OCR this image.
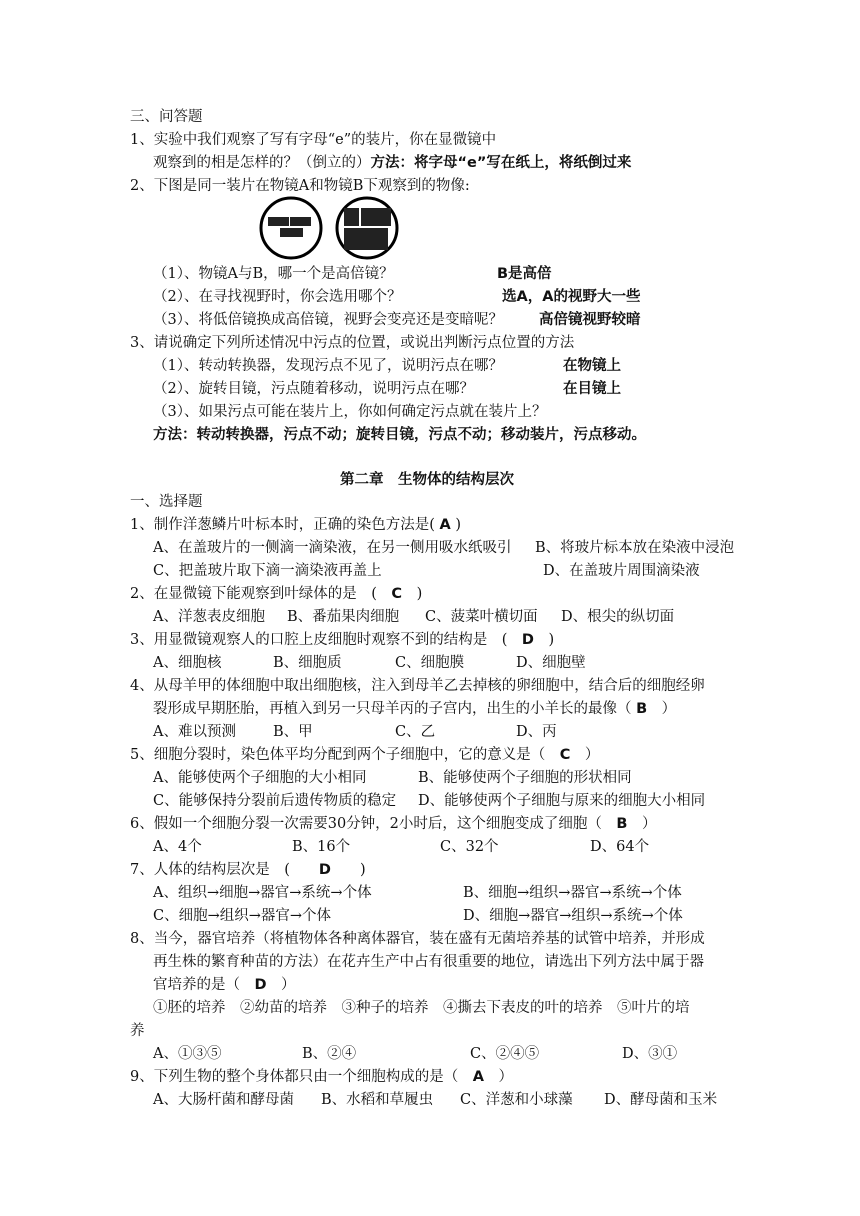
三、问答题
1、实验中我们观察了写有字母“e”的装片，你在显微镜中
观察到的相是怎样的？（倒立的）方法：将字母“e”写在纸上，将纸倒过来
2、下图是同一装片在物镜A和物镜B下观察到的物像:
（1）、物镜A与B，哪一个是高倍镜？	B是高倍
（2）、在寻找视野时，你会选用哪个？	选A，A的视野大一些
（3）、将低倍镜换成高倍镜，视野会变亮还是变暗呢？ 高倍镜视野较暗
3、请说确定下列所述情况中污点的位置，或说出判断污点位置的方法
（1）、转动转换器，发现污点不见了，说明污点在哪？	在物镜上
（2）、旋转目镜，污点随着移动，说明污点在哪？	在目镜上
（3）、如果污点可能在装片上，你如何确定污点就在装片上？
方法：转动转换器，污点不动；旋转目镜，污点不动；移动装片，污点移动。
第二章　生物体的结构层次
一、选择题
1、制作洋葱鳞片叶标本时，正确的染色方法是( A )
A、在盖玻片的一侧滴一滴染液，在另一侧用吸水纸吸引 B、将玻片标本放在染液中浸泡
C、把盖玻片取下滴一滴染液再盖上	D、在盖玻片周围滴染液
2、在显微镜下能观察到叶绿体的是　 (　 C　 )
A、洋葱表皮细胞 B、番茄果肉细胞 C、菠菜叶横切面 D、根尖的纵切面
3、用显微镜观察人的口腔上皮细胞时观察不到的结构是　 (　 D　 )
A、细胞核	B、细胞质	C、细胞膜	D、细胞壁
4、从母羊甲的体细胞中取出细胞核，注入到母羊乙去掉核的卵细胞中，结合后的细胞经卵
裂形成早期胚胎，再植入到另一只母羊丙的子宫内，出生的小羊长的最像（ B　 ）
A、难以预测	B、甲	C、乙	D、丙
5、细胞分裂时，染色体平均分配到两个子细胞中，它的意义是（　 C　 ）
A、能够使两个子细胞的大小相同	B、能够使两个子细胞的形状相同
C、能够保持分裂前后遗传物质的稳定 D、能够使两个子细胞与原来的细胞大小相同
6、假如一个细胞分裂一次需要30分钟，2小时后，这个细胞变成了细胞（　 B　 ）
A、4个	B、16个	C、32个	D、64个
7、人体的结构层次是　 (　　 D　　 )
A、组织→细胞→器官→系统→个体	B、细胞→组织→器官→系统→个体
C、细胞→组织→器官→个体	D、细胞→器官→组织→系统→个体
8、当今，器官培养（将植物体各种离体器官，装在盛有无菌培养基的试管中培养，并形成
再生株的繁育种苗的方法）在花卉生产中占有很重要的地位，请选出下列方法中属于器
官培养的是（　 D　 ）
①胚的培养　②幼苗的培养　③种子的培养　④撕去下表皮的叶的培养　⑤叶片的培
养
A、①③⑤	B、②④	C、②④⑤	D、③①
9、下列生物的整个身体都只由一个细胞构成的是（　 A　 ）
A、大肠杆菌和酵母菌 B、水稻和草履虫 C、洋葱和小球藻 D、酵母菌和玉米
